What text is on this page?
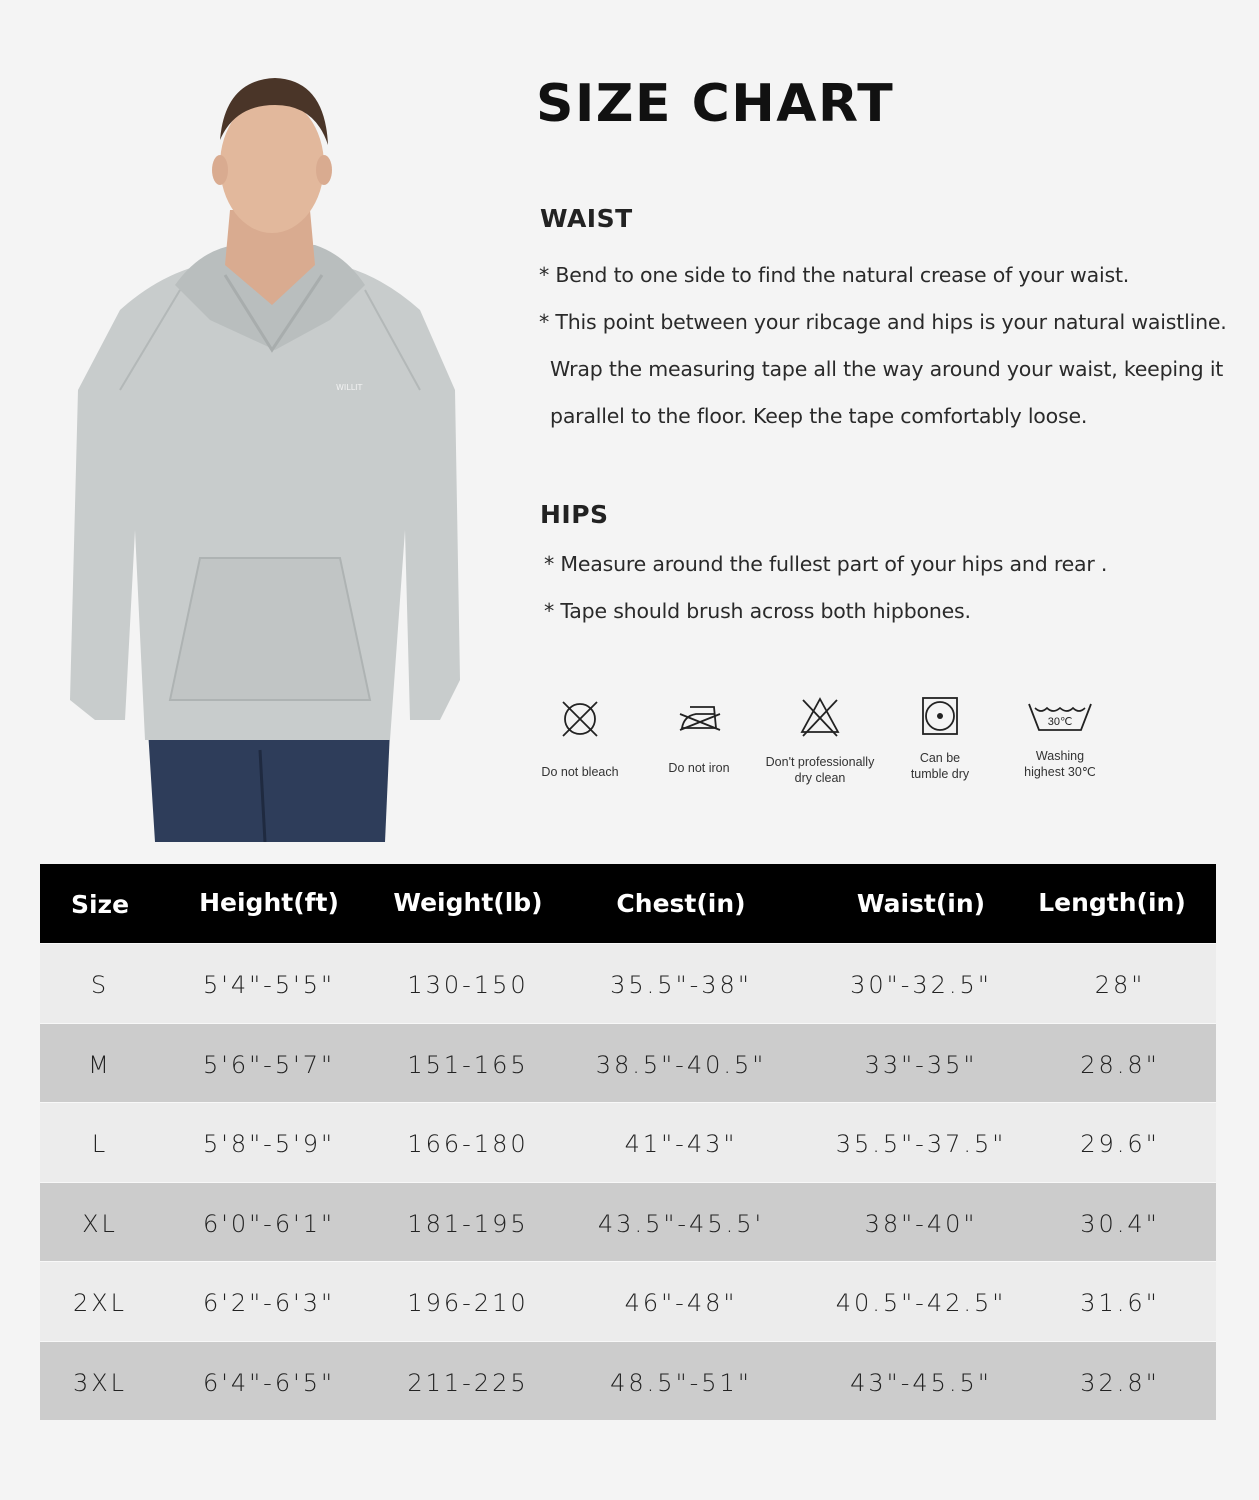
WILLIT
SIZE CHART
WAIST
* Bend to one side to find the natural crease of your waist.
* This point between your ribcage and hips is your natural waistline.
Wrap the measuring tape all the way around your waist, keeping it
parallel to the floor. Keep the tape comfortably loose.
HIPS
* Measure around the fullest part of your hips and rear .
* Tape should brush across both hipbones.
Do not bleach	Do not iron	Don't professionally
dry clean
Can be
tumble dry
30℃
Washing
highest 30℃
Size	Height(ft) Weight(lb)	Chest(in)	Waist(in) Length(in)
S	5'4"-5'5"	130-150	35.5"-38"	30"-32.5"	28"
M	5'6"-5'7"	151-165	38.5"-40.5"	33"-35"	28.8"
L	5'8"-5'9"	166-180	41"-43"	35.5"-37.5"	29.6"
XL	6'0"-6'1"	181-195	43.5"-45.5'	38"-40"	30.4"
2XL	6'2"-6'3"	196-210	46"-48"	40.5"-42.5"	31.6"
3XL	6'4"-6'5"	211-225	48.5"-51"	43"-45.5"	32.8"
